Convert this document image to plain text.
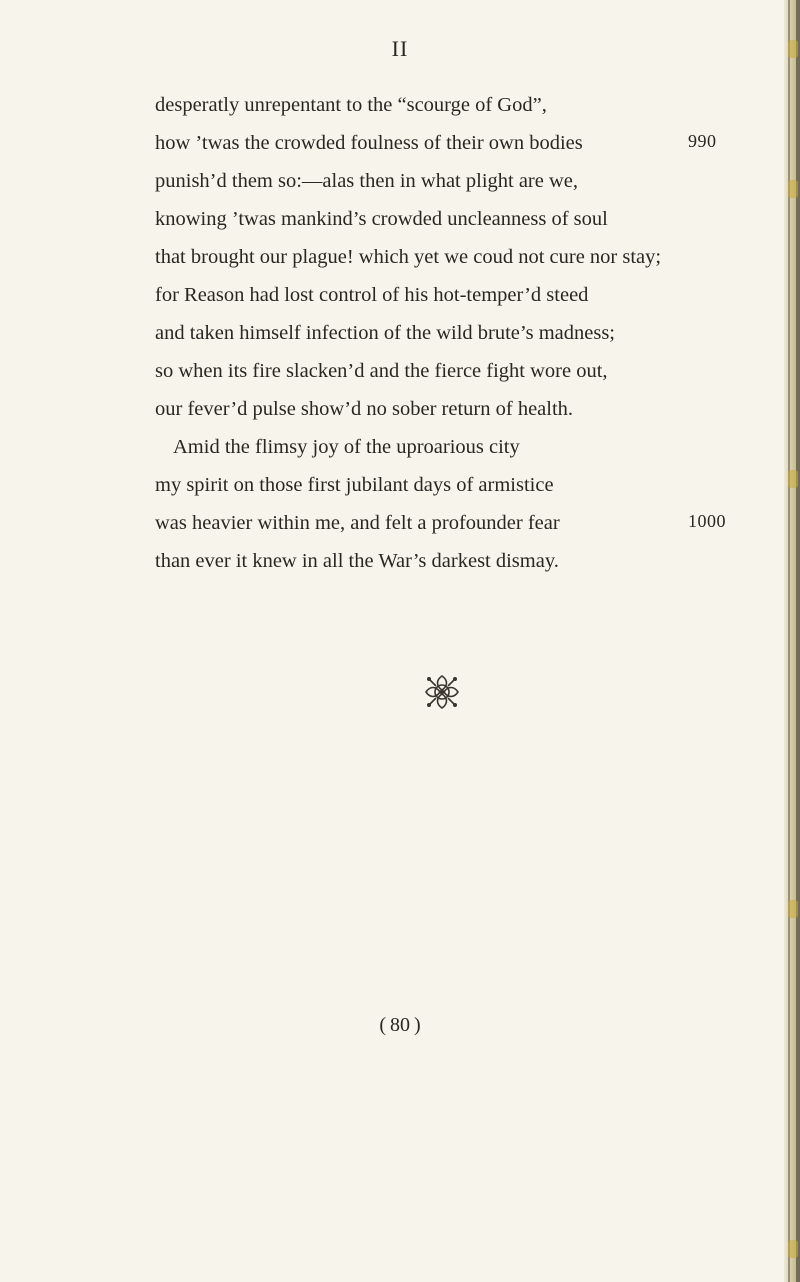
II
desperatly unrepentant to the “scourge of God”,
how ’twas the crowded foulness of their own bodies
punish’d them so:—alas then in what plight are we,
knowing ’twas mankind’s crowded uncleanness of soul
that brought our plague! which yet we coud not cure nor stay;
for Reason had lost control of his hot-temper’d steed
and taken himself infection of the wild brute’s madness;
so when its fire slacken’d and the fierce fight wore out,
our fever’d pulse show’d no sober return of health.
Amid the flimsy joy of the uproarious city
my spirit on those first jubilant days of armistice
was heavier within me, and felt a profounder fear
than ever it knew in all the War’s darkest dismay.
990
1000
( 80 )
